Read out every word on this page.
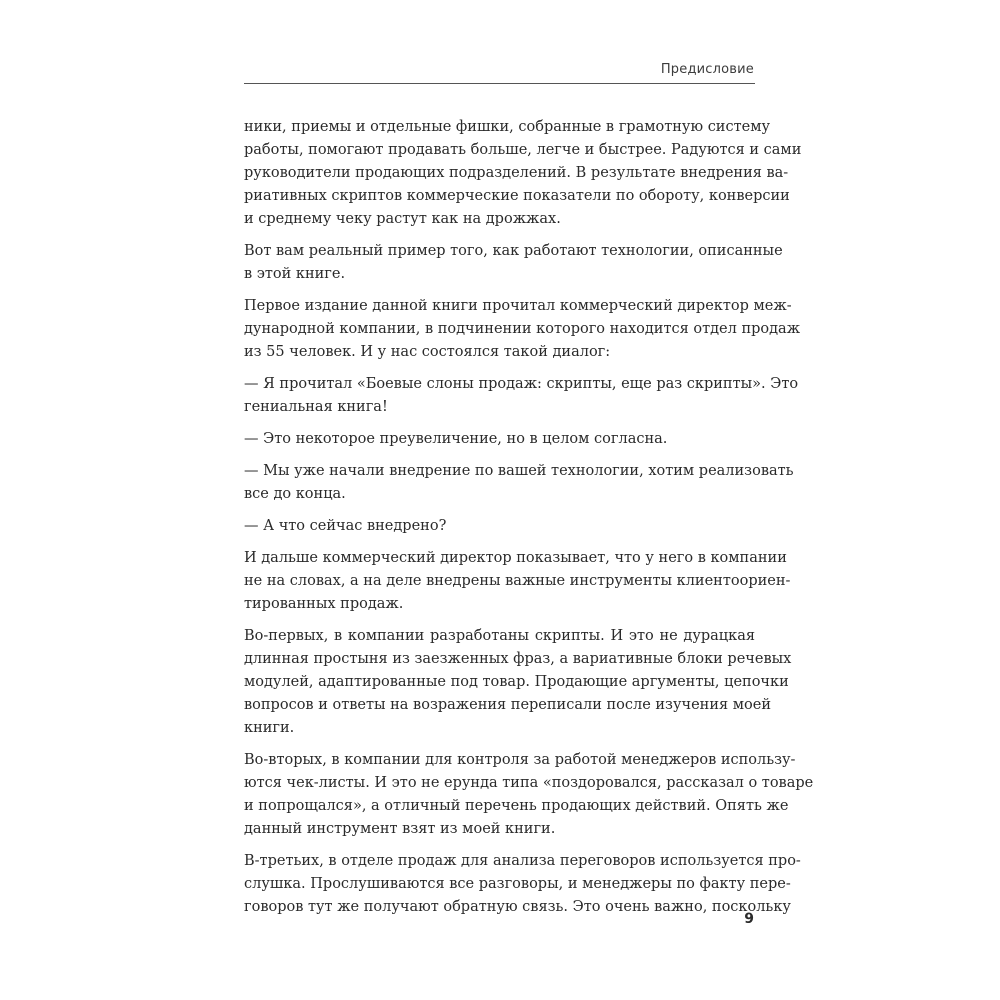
Предисловие

ники, приемы и отдельные фишки, собранные в грамотную систему
работы, помогают продавать больше, легче и быстрее. Радуются и сами
руководители продающих подразделений. В результате внедрения ва-
риативных скриптов коммерческие показатели по обороту, конверсии
и среднему чеку растут как на дрожжах.

Вот вам реальный пример того, как работают технологии, описанные
в этой книге.

Первое издание данной книги прочитал коммерческий директор меж-
дународной компании, в подчинении которого находится отдел продаж
из 55 человек. И у нас состоялся такой диалог:

— Я прочитал «Боевые слоны продаж: скрипты, еще раз скрипты». Это
гениальная книга!

— Это некоторое преувеличение, но в целом согласна.

— Мы уже начали внедрение по вашей технологии, хотим реализовать
все до конца.

— А что сейчас внедрено?

И дальше коммерческий директор показывает, что у него в компании
не на словах, а на деле внедрены важные инструменты клиентоориен-
тированных продаж.

Во-первых, в компании разработаны скрипты. И это не дурацкая
длинная простыня из заезженных фраз, а вариативные блоки речевых
модулей, адаптированные под товар. Продающие аргументы, цепочки
вопросов и ответы на возражения переписали после изучения моей
книги.

Во-вторых, в компании для контроля за работой менеджеров использу-
ются чек-листы. И это не ерунда типа «поздоровался, рассказал о товаре
и попрощался», а отличный перечень продающих действий. Опять же
данный инструмент взят из моей книги.

В-третьих, в отделе продаж для анализа переговоров используется про-
слушка. Прослушиваются все разговоры, и менеджеры по факту пере-
говоров тут же получают обратную связь. Это очень важно, поскольку

9
